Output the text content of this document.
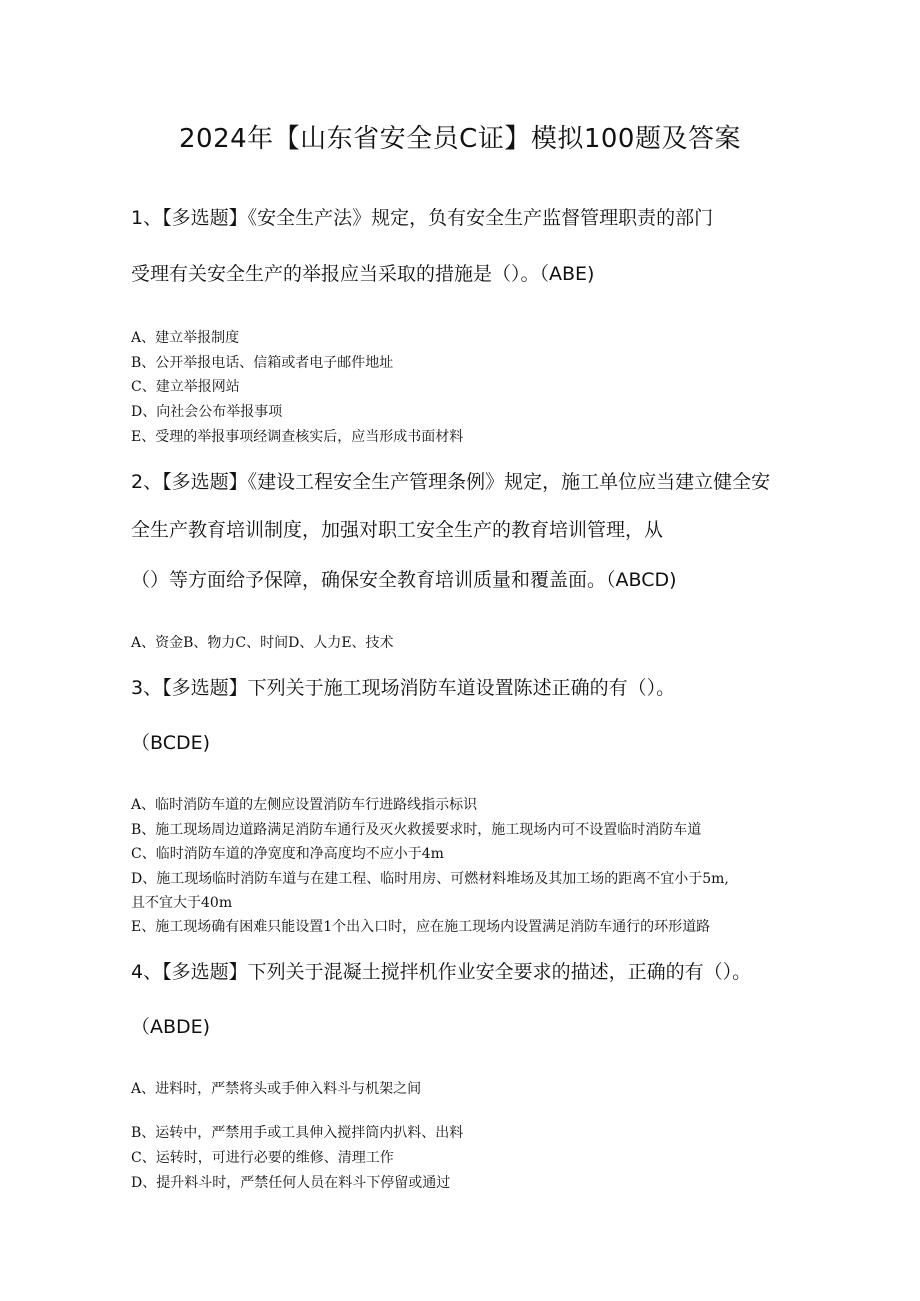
2024年【山东省安全员C证】模拟100题及答案

1、【多选题】《安全生产法》规定，负有安全生产监督管理职责的部门

受理有关安全生产的举报应当采取的措施是（）。（ABE)

A、建立举报制度

B、公开举报电话、信箱或者电子邮件地址

C、建立举报网站

D、向社会公布举报事项

E、受理的举报事项经调查核实后，应当形成书面材料

2、【多选题】《建设工程安全生产管理条例》规定，施工单位应当建立健全安

全生产教育培训制度，加强对职工安全生产的教育培训管理，从

（）等方面给予保障，确保安全教育培训质量和覆盖面。（ABCD)

A、资金B、物力C、时间D、人力E、技术

3、【多选题】下列关于施工现场消防车道设置陈述正确的有（）。

（BCDE)

A、临时消防车道的左侧应设置消防车行进路线指示标识

B、施工现场周边道路满足消防车通行及灭火救援要求时，施工现场内可不设置临时消防车道

C、临时消防车道的净宽度和净高度均不应小于4m

D、施工现场临时消防车道与在建工程、临时用房、可燃材料堆场及其加工场的距离不宜小于5m,

且不宜大于40m

E、施工现场确有困难只能设置1个出入口时，应在施工现场内设置满足消防车通行的环形道路

4、【多选题】下列关于混凝土搅拌机作业安全要求的描述，正确的有（）。

（ABDE)

A、进料时，严禁将头或手伸入料斗与机架之间

B、运转中，严禁用手或工具伸入搅拌筒内扒料、出料

C、运转时，可进行必要的维修、清理工作

D、提升料斗时，严禁任何人员在料斗下停留或通过
